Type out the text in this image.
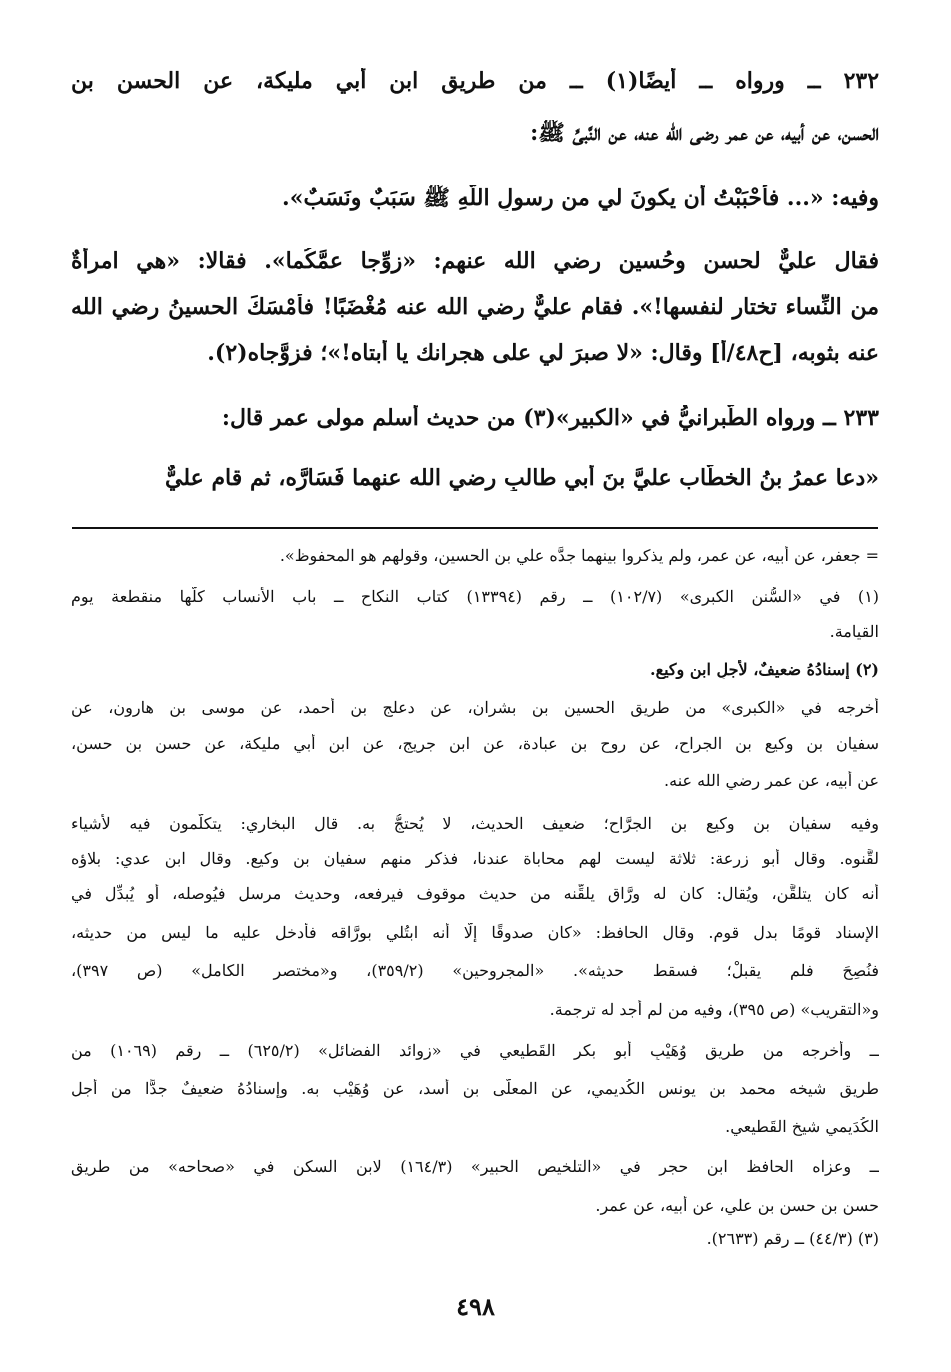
٢٣٢ ــ ورواه ــ أيضًا(١) ــ من طريق ابن أبي مليكة، عن الحسن بن
الحسن، عن أبيه، عن عمر رضي الله عنه، عن النَّبيِّ ﷺ:
وفيه: «... فأَحْبَبْتُ أن يكونَ لي من رسولِ اللَّهِ ﷺ سَبَبٌ ونَسَبٌ».
فقال عليٌّ لحسنٍ وحُسينٍ رضي الله عنهم: «زوِّجا عمَّكُما». فقالا: «هي امرأةٌ
من النِّساء تختار لنفسها!». فقام عليٌّ رضي الله عنه مُغْضَبًا! فأَمْسَكَ الحسينُ رضي الله
عنه بثوبه، [ح٤٨/أ] وقال: «لا صبرَ لي على هجرانك يا أبتاه!»؛ فزوَّجاه(٢).
٢٣٣ ــ ورواه الطَّبرانيُّ في «الكبير»(٣) من حديث أسلم مولى عمر قال:
«دعا عمرُ بنُ الخطَّاب عليَّ بنَ أبي طالبٍ رضي الله عنهما فَسَارَّه، ثم قام عليٌّ
= جعفر، عن أبيه، عن عمر، ولم يذكروا بينهما جدَّه علي بن الحسين، وقولهم هو المحفوظ».
(١) في «السُّنن الكبرى» (١٠٢/٧) ــ رقم (١٣٣٩٤) كتاب النكاح ــ باب الأنساب كلُّها منقطعة يوم
القيامة.
(٢) إسنادُهُ ضعيفٌ، لأجلِ ابنِ وكيع.
أخرجه في «الكبرى» من طريق الحسين بن بشران، عن دعلج بن أحمد، عن موسى بن هارون، عن
سفيان بن وكيع بن الجراح، عن روح بن عبادة، عن ابن جريج، عن ابن أبي مليكة، عن حسن بن حسن،
عن أبيه، عن عمر رضي الله عنه.
وفيه سفيان بن وكيع بن الجرَّاح؛ ضعيف الحديث، لا يُحتجُّ به. قال البخاري: يتكلَّمون فيه لأشياء
لقَّنوه. وقال أبو زرعة: ثلاثة ليست لهم محاباة عندنا، فذكر منهم سفيان بن وكيع. وقال ابن عدي: بلاؤه
أنه كان يتلقَّن، ويُقال: كان له ورَّاق يلقِّنه من حديث موقوف فيرفعه، وحديث مرسل فيُوصله، أو يُبدِّل في
الإسناد قومًا بدل قوم. وقال الحافظ: «كان صدوقًا إلَّا أنه ابتُلي بورَّاقه فأدخل عليه ما ليس من حديثه،
فنُصِحَ فلم يقبلْ؛ فسقط حديثه». «المجروحين» (٣٥٩/٢)، و«مختصر الكامل» (ص ٣٩٧)،
و«التقريب» (ص ٣٩٥)، وفيه من لم أجد له ترجمة.
ــ وأخرجه من طريق وُهَيْبٍ أبو بكر القَطيعي في «زوائد الفضائل» (٦٢٥/٢) ــ رقم (١٠٦٩) من
طريق شيخه محمد بن يونس الكُديمي، عن المعلَّى بن أسد، عن وُهَيْب به. وإسنادُهُ ضعيفٌ جدًّا من أجل
الكُدَيمي شيخ القَطيعي.
ــ وعزاه الحافظ ابن حجر في «التلخيص الحبير» (١٦٤/٣) لابن السكن في «صحاحه» من طريق
حسن بن حسن بن علي، عن أبيه، عن عمر.
(٣) (٤٤/٣) ــ رقم (٢٦٣٣).
٤٩٨
